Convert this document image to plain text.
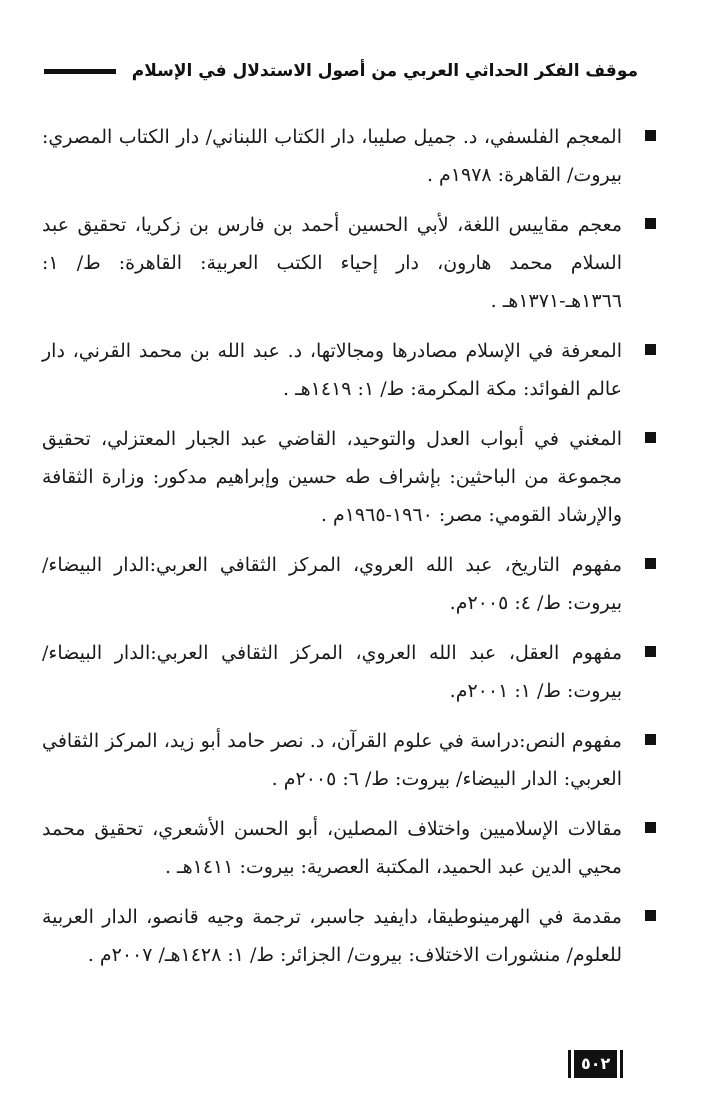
موقف الفكر الحداثي العربي من أصول الاستدلال في الإسلام
المعجم الفلسفي، د. جميل صليبا، دار الكتاب اللبناني/ دار الكتاب المصري: بيروت/ القاهرة: ١٩٧٨م .
معجم مقاييس اللغة، لأبي الحسين أحمد بن فارس بن زكريا، تحقيق عبد السلام محمد هارون، دار إحياء الكتب العربية: القاهرة: ط/ ١: ١٣٦٦هـ-١٣٧١هـ .
المعرفة في الإسلام مصادرها ومجالاتها، د. عبد الله بن محمد القرني، دار عالم الفوائد: مكة المكرمة: ط/ ١: ١٤١٩هـ .
المغني في أبواب العدل والتوحيد، القاضي عبد الجبار المعتزلي، تحقيق مجموعة من الباحثين: بإشراف طه حسين وإبراهيم مدكور: وزارة الثقافة والإرشاد القومي: مصر: ١٩٦٠-١٩٦٥م .
مفهوم التاريخ، عبد الله العروي، المركز الثقافي العربي:الدار البيضاء/ بيروت: ط/ ٤: ٢٠٠٥م.
مفهوم العقل، عبد الله العروي، المركز الثقافي العربي:الدار البيضاء/ بيروت: ط/ ١: ٢٠٠١م.
مفهوم النص:دراسة في علوم القرآن، د. نصر حامد أبو زيد، المركز الثقافي العربي: الدار البيضاء/ بيروت: ط/ ٦: ٢٠٠٥م .
مقالات الإسلاميين واختلاف المصلين، أبو الحسن الأشعري، تحقيق محمد محيي الدين عبد الحميد، المكتبة العصرية: بيروت: ١٤١١هـ .
مقدمة في الهرمينوطيقا، دايفيد جاسبر، ترجمة وجيه قانصو، الدار العربية للعلوم/ منشورات الاختلاف: بيروت/ الجزائر: ط/ ١: ١٤٢٨هـ/ ٢٠٠٧م .
٥٠٢
